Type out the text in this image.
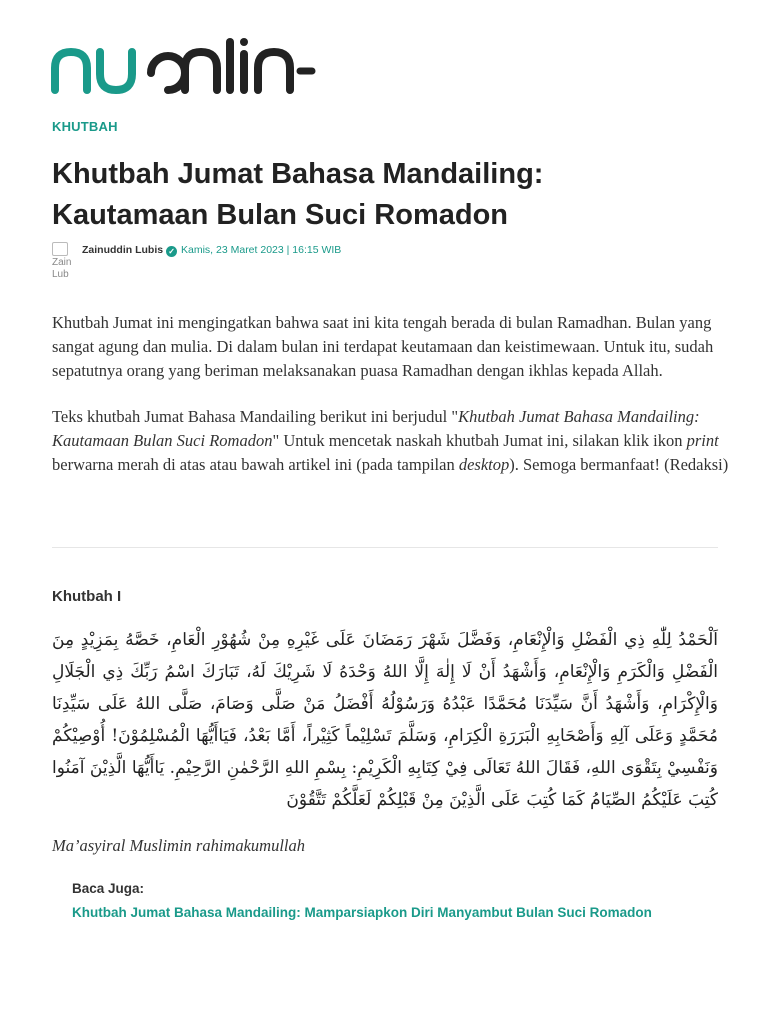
KHUTBAH
Khutbah Jumat Bahasa Mandailing:
Kautamaan Bulan Suci Romadon
Zain Lub
Zainuddin Lubis ✓ Kamis, 23 Maret 2023 | 16:15 WIB

Khutbah Jumat ini mengingatkan bahwa saat ini kita tengah berada di bulan Ramadhan. Bulan yang sangat agung dan mulia. Di dalam bulan ini terdapat keutamaan dan keistimewaan. Untuk itu, sudah sepatutnya orang yang beriman melaksanakan puasa Ramadhan dengan ikhlas kepada Allah.

Teks khutbah Jumat Bahasa Mandailing berikut ini berjudul "Khutbah Jumat Bahasa Mandailing: Kautamaan Bulan Suci Romadon" Untuk mencetak naskah khutbah Jumat ini, silakan klik ikon print berwarna merah di atas atau bawah artikel ini (pada tampilan desktop). Semoga bermanfaat! (Redaksi)

Khutbah I
اَلْحَمْدُ لِلّٰهِ ذِي الْفَضْلِ وَالْإِنْعَامِ، وَفَضَّلَ شَهْرَ رَمَضَانَ عَلَى غَيْرِهِ مِنْ شُهُوْرِ الْعَامِ، خَصَّهُ بِمَزِيْدٍ مِنَ الْفَضْلِ وَالْكَرَمِ وَالْإِنْعَامِ، وَأَشْهَدُ أَنْ لَا إِلٰهَ إِلَّا اللهُ وَحْدَهُ لَا شَرِيْكَ لَهُ، تَبَارَكَ اسْمُ رَبِّكَ ذِي الْجَلَالِ وَالْإِكْرَامِ، وَأَشْهَدُ أَنَّ سَيِّدَنَا مُحَمَّدًا عَبْدُهُ وَرَسُوْلُهُ أَفْضَلُ مَنْ صَلَّى وَصَامَ، صَلَّى اللهُ عَلَى سَيِّدِنَا مُحَمَّدٍ وَعَلَى آلِهِ وَأَصْحَابِهِ الْبَرَرَةِ الْكِرَامِ، وَسَلَّمَ تَسْلِيْماً كَثِيْراً، أَمَّا بَعْدُ، فَيَاأَيُّهَا الْمُسْلِمُوْنَ! أُوْصِيْكُمْ وَنَفْسِيْ بِتَقْوَى اللهِ، فَقَالَ اللهُ تَعَالَى فِيْ كِتَابِهِ الْكَرِيْمِ: بِسْمِ اللهِ الرَّحْمٰنِ الرَّحِيْمِ. يَاأَيُّهَا الَّذِيْنَ آمَنُوا كُتِبَ عَلَيْكُمُ الصِّيَامُ كَمَا كُتِبَ عَلَى الَّذِيْنَ مِنْ قَبْلِكُمْ لَعَلَّكُمْ تَتَّقُوْنَ
Ma’asyiral Muslimin rahimakumullah
Baca Juga:
Khutbah Jumat Bahasa Mandailing: Mamparsiapkon Diri Manyambut Bulan Suci Romadon
